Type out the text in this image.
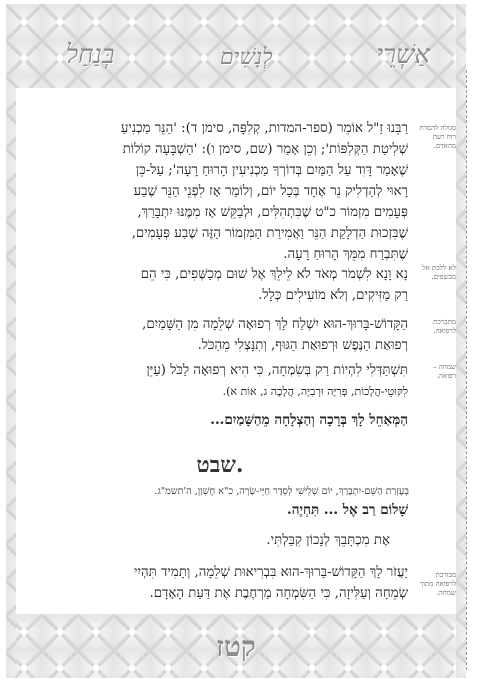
אַשְׁרֵי
לְנָשִׁים
בְּנַחַל
קטז
סגולה להסרת רוח רעה מהאדם.
לא ללכת אל מכשפים.
מתברכת לרפואה.
שמחה – רפואה.
מבורכת לרפואה מתוך שמחה.
רַבֵּנוּ זַ"ל אוֹמֵר (ספר-המדות, קְלִפָּה, סימן ד): 'הַנֵּר מַכְנִיעַ
שְׁלִיטַת הַקְּלִפּוֹת'; וְכֵן אָמַר (שם, סימן ו): 'הַשְׁבָּעָה קוֹלוֹת
שֶׁאָמַר דָּוִד עַל הַמַּיִם בְּדוֹרְךָ מַכְנִיעִין הָרוּחַ רָעָה'; עַל-כֵּן
רָאוּי לְהַדְלִיק נֵר אֶחָד בְּכָל יוֹם, וְלוֹמַר אָז לִפְנֵי הַנֵּר שֶׁבַע
פְּעָמִים מִזְמוֹר כ"ט שֶׁבִּתְהִלִּים, וּלְבַקֵּשׁ אָז מִמֶּנּוּ יִתְבָּרַךְ,
שֶׁבִּזְכוּת הַדְלָקַת הַנֵּר וַאֲמִירַת הַמִּזְמוֹר הַזֶּה שֶׁבַע פְּעָמִים,
שֶׁתִּבְרַח מִמֵּךְ הָרוּחַ רָעָה.
נָא וָנָא לִשְׁמֹר מְאֹד לֹא לֵילֵךְ אֶל שׁוּם מְכַשְּׁפִים, כִּי הֵם
רַק מַזִּיקִים, וְלֹא מוֹעִילִים כְּלָל.
הַקָּדוֹשׁ-בָּרוּךְ-הוּא יִשְׁלַח לָךְ רְפוּאָה שְׁלֵמָה מִן הַשָּׁמַיִם,
רְפוּאַת הַנֶּפֶשׁ וּרְפוּאַת הַגּוּף, וְתִנָּצְלִי מֵהַכֹּל.
תִּשְׁתַּדְּלִי לִהְיוֹת רַק בְּשִׂמְחָה, כִּי הִיא רְפוּאָה לַכֹּל (עַיֵּן
לִקּוּטֵי-הֲלָכוֹת, פְּרִיָּה וּרְבִיָּה, הֲלָכָה ג, אוֹת א).
הַמְּאַחֵל לָךְ בְּרָכָה וְהַצְלָחָה מֵהַשָּׁמַיִם...
שבט.
בְּעֶזְרַת הַשֵּׁם-יִתְבָּרַךְ, יוֹם שְׁלִישִׁי לְסֵדֶר חַיֵּי-שָׂרָה, כ"א חֶשְׁוָן, ה'תשמ"ג.
שָׁלוֹם רַב אֶל ... תִּחְיֶה.
אֶת מִכְתָּבֵךְ לְנָכוֹן קִבַּלְתִּי.
יַעֲזֹר לָךְ הַקָּדוֹשׁ-בָּרוּךְ-הוּא בִּבְרִיאוּת שְׁלֵמָה, וְתָמִיד תִּהְיִי
שְׂמֵחָה וְעַלִּיזָה, כִּי הַשִּׂמְחָה מַרְחֶבֶת אֶת דַּעַת הָאָדָם.
